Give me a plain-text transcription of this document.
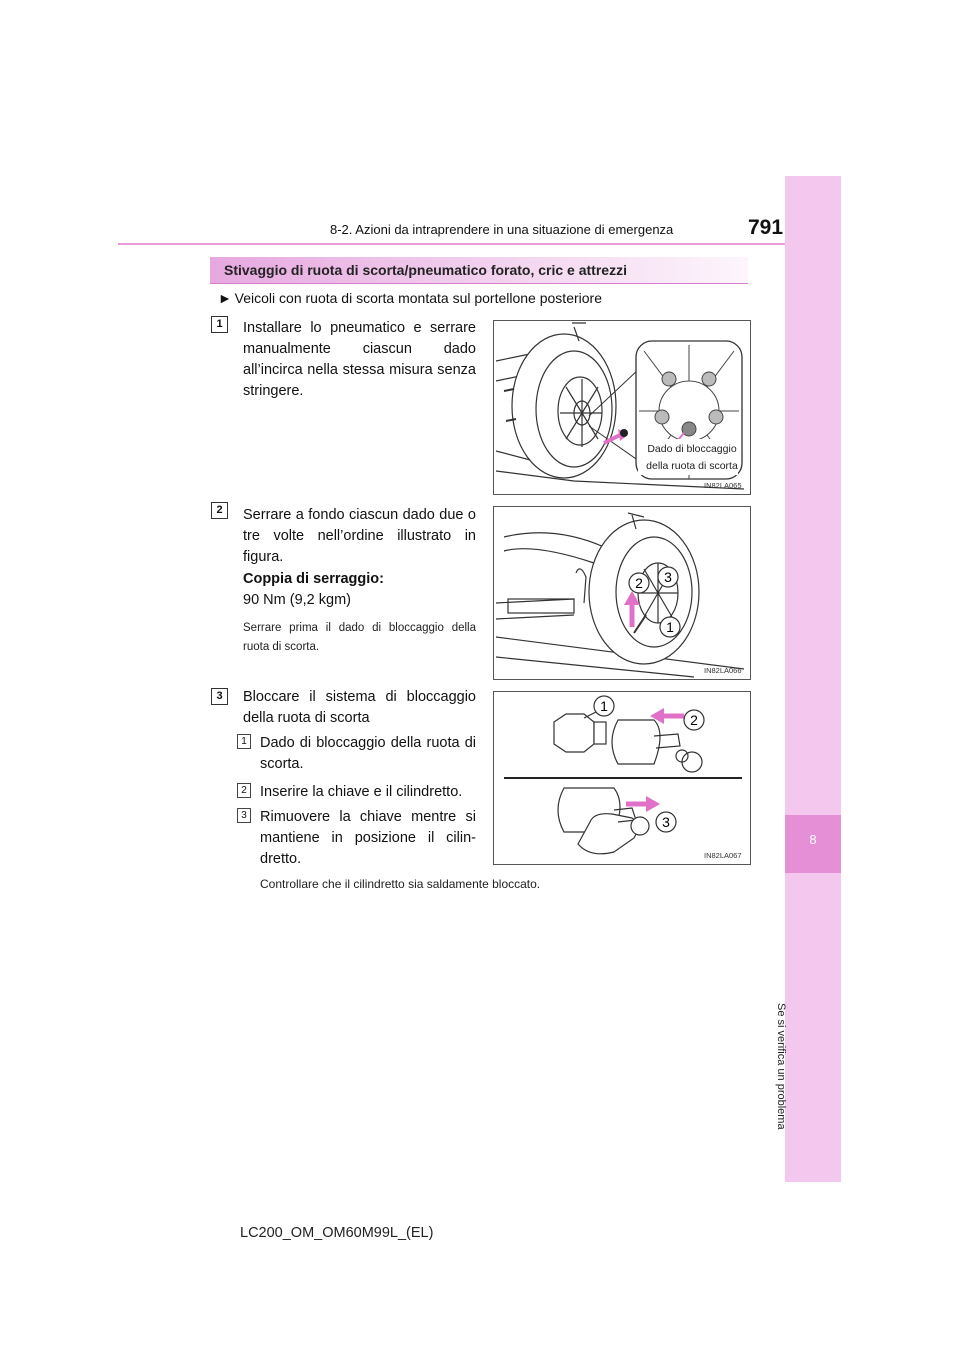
8-2. Azioni da intraprendere in una situazione di emergenza	791
8
Se si verifica un problema
Stivaggio di ruota di scorta/pneumatico forato, cric e attrezzi
► Veicoli con ruota di scorta montata sul portellone posteriore
1	Installare lo pneumatico e serrare manualmente ciascun dado all’incirca nella stessa misura senza stringere.
Dado di bloccaggio
della ruota di scorta
IN82LA065
2	Serrare a fondo ciascun dado due o tre volte nell’ordine illustrato in figura.
Coppia di serraggio:
90 Nm (9,2 kgm)
Serrare prima il dado di bloccaggio della ruota di scorta.
2 3
1
IN82LA066
3	Bloccare il sistema di bloccaggio della ruota di scorta
1 Dado di bloccaggio della ruota di scorta.
2 Inserire la chiave e il cilindretto.
3 Rimuovere la chiave mentre si mantiene in posizione il cilin-dretto.
Controllare che il cilindretto sia saldamente bloccato.
1
2
3
IN82LA067
LC200_OM_OM60M99L_(EL)
